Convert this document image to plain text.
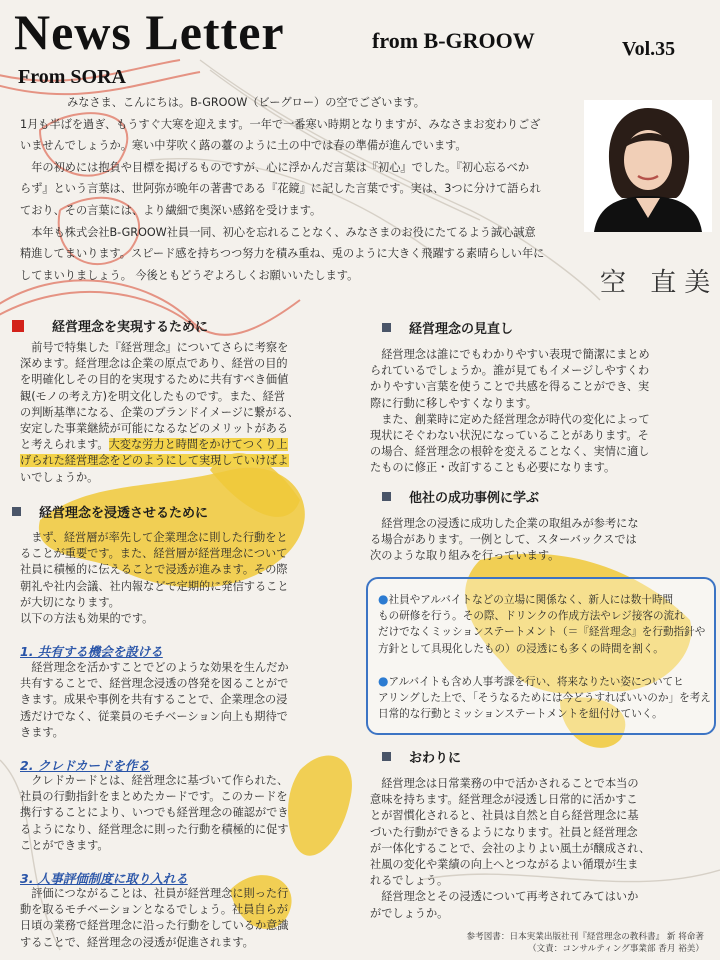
News Letter	from B-GROOW	Vol.35
From SORA

みなさま、こんにちは。B-GROOW（ビーグロー）の空でございます。

1月も半ばを過ぎ、もうすぐ大寒を迎えます。一年で一番寒い時期となりますが、みなさまお変わりござ

いませんでしょうか。寒い中芽吹く蕗の薹のように土の中では春の準備が進んでいます。

年の初めには抱負や目標を掲げるものですが、心に浮かんだ言葉は『初心』でした。『初心忘るべか

らず』という言葉は、世阿弥が晩年の著書である『花鏡』に記した言葉です。実は、3つに分けて語られ

ており、その言葉には、より繊細で奥深い感銘を受けます。

本年も株式会社B-GROOW社員一同、初心を忘れることなく、みなさまのお役にたてるよう誠心誠意

精進してまいります。スピード感を持ちつつ努力を積み重ね、兎のように大きく飛躍する素晴らしい年に

してまいりましょう。 今後ともどうぞよろしくお願いいたします。	空 直美
経営理念を実現するために

前号で特集した『経営理念』についてさらに考察を

深めます。経営理念は企業の原点であり、経営の目的

を明確化しその目的を実現するために共有すべき価値

観(モノの考え方)を明文化したものです。また、経営

の判断基準になる、企業のブランドイメージに繋がる、

安定した事業継続が可能になるなどのメリットがある

と考えられます。大変な労力と時間をかけてつくり上

げられた経営理念をどのようにして実現していけばよ

いでしょうか。

経営理念を浸透させるために

まず、経営層が率先して企業理念に則した行動をと

ることが重要です。また、経営層が経営理念について

社員に積極的に伝えることで浸透が進みます。その際

朝礼や社内会議、社内報などで定期的に発信すること

が大切になります。

以下の方法も効果的です。

1. 共有する機会を設ける

経営理念を活かすことでどのような効果を生んだか

共有することで、経営理念浸透の啓発を図ることがで

きます。成果や事例を共有することで、企業理念の浸

透だけでなく、従業員のモチベーション向上も期待で

きます。

2. クレドカードを作る

クレドカードとは、経営理念に基づいて作られた、

社員の行動指針をまとめたカードです。このカードを

携行することにより、いつでも経営理念の確認ができ

るようになり、経営理念に則った行動を積極的に促す

ことができます。

3. 人事評価制度に取り入れる

評価につながることは、社員が経営理念に則った行

動を取るモチベーションとなるでしょう。社員自らが

日頃の業務で経営理念に沿った行動をしているか意識

することで、経営理念の浸透が促進されます。

経営理念の見直し

経営理念は誰にでもわかりやすい表現で簡潔にまとめ

られているでしょうか。誰が見てもイメージしやすくわ

かりやすい言葉を使うことで共感を得ることができ、実

際に行動に移しやすくなります。

また、創業時に定めた経営理念が時代の変化によって

現状にそぐわない状況になっていることがあります。そ

の場合、経営理念の根幹を変えることなく、実情に適し

たものに修正・改訂することも必要になります。

他社の成功事例に学ぶ

経営理念の浸透に成功した企業の取組みが参考にな

る場合があります。一例として、スターバックスでは

次のような取り組みを行っています。

●社員やアルバイトなどの立場に関係なく、新人には数十時間
もの研修を行う。その際、ドリンクの作成方法やレジ接客の流れ
だけでなくミッションステートメント（＝『経営理念』を行動指針や
方針として具現化したもの）の浸透にも多くの時間を割く。
●アルバイトも含め人事考課を行い、将来なりたい姿についてヒ
アリングした上で、「そうなるためには今どうすればいいのか」を考え
日常的な行動とミッションステートメントを紐付けていく。
おわりに

経営理念は日常業務の中で活かされることで本当の

意味を持ちます。経営理念が浸透し日常的に活かすこ

とが習慣化されると、社員は自然と自ら経営理念に基

づいた行動ができるようになります。社員と経営理念

が一体化することで、会社のよりよい風土が醸成され、

社風の変化や業績の向上へとつながるよい循環が生ま

れるでしょう。

経営理念とその浸透について再考されてみてはいか

がでしょうか。

参考図書：日本実業出版社刊『経営理念の教科書』 新 将命著
（文責：コンサルティング事業部 香月 裕美）
